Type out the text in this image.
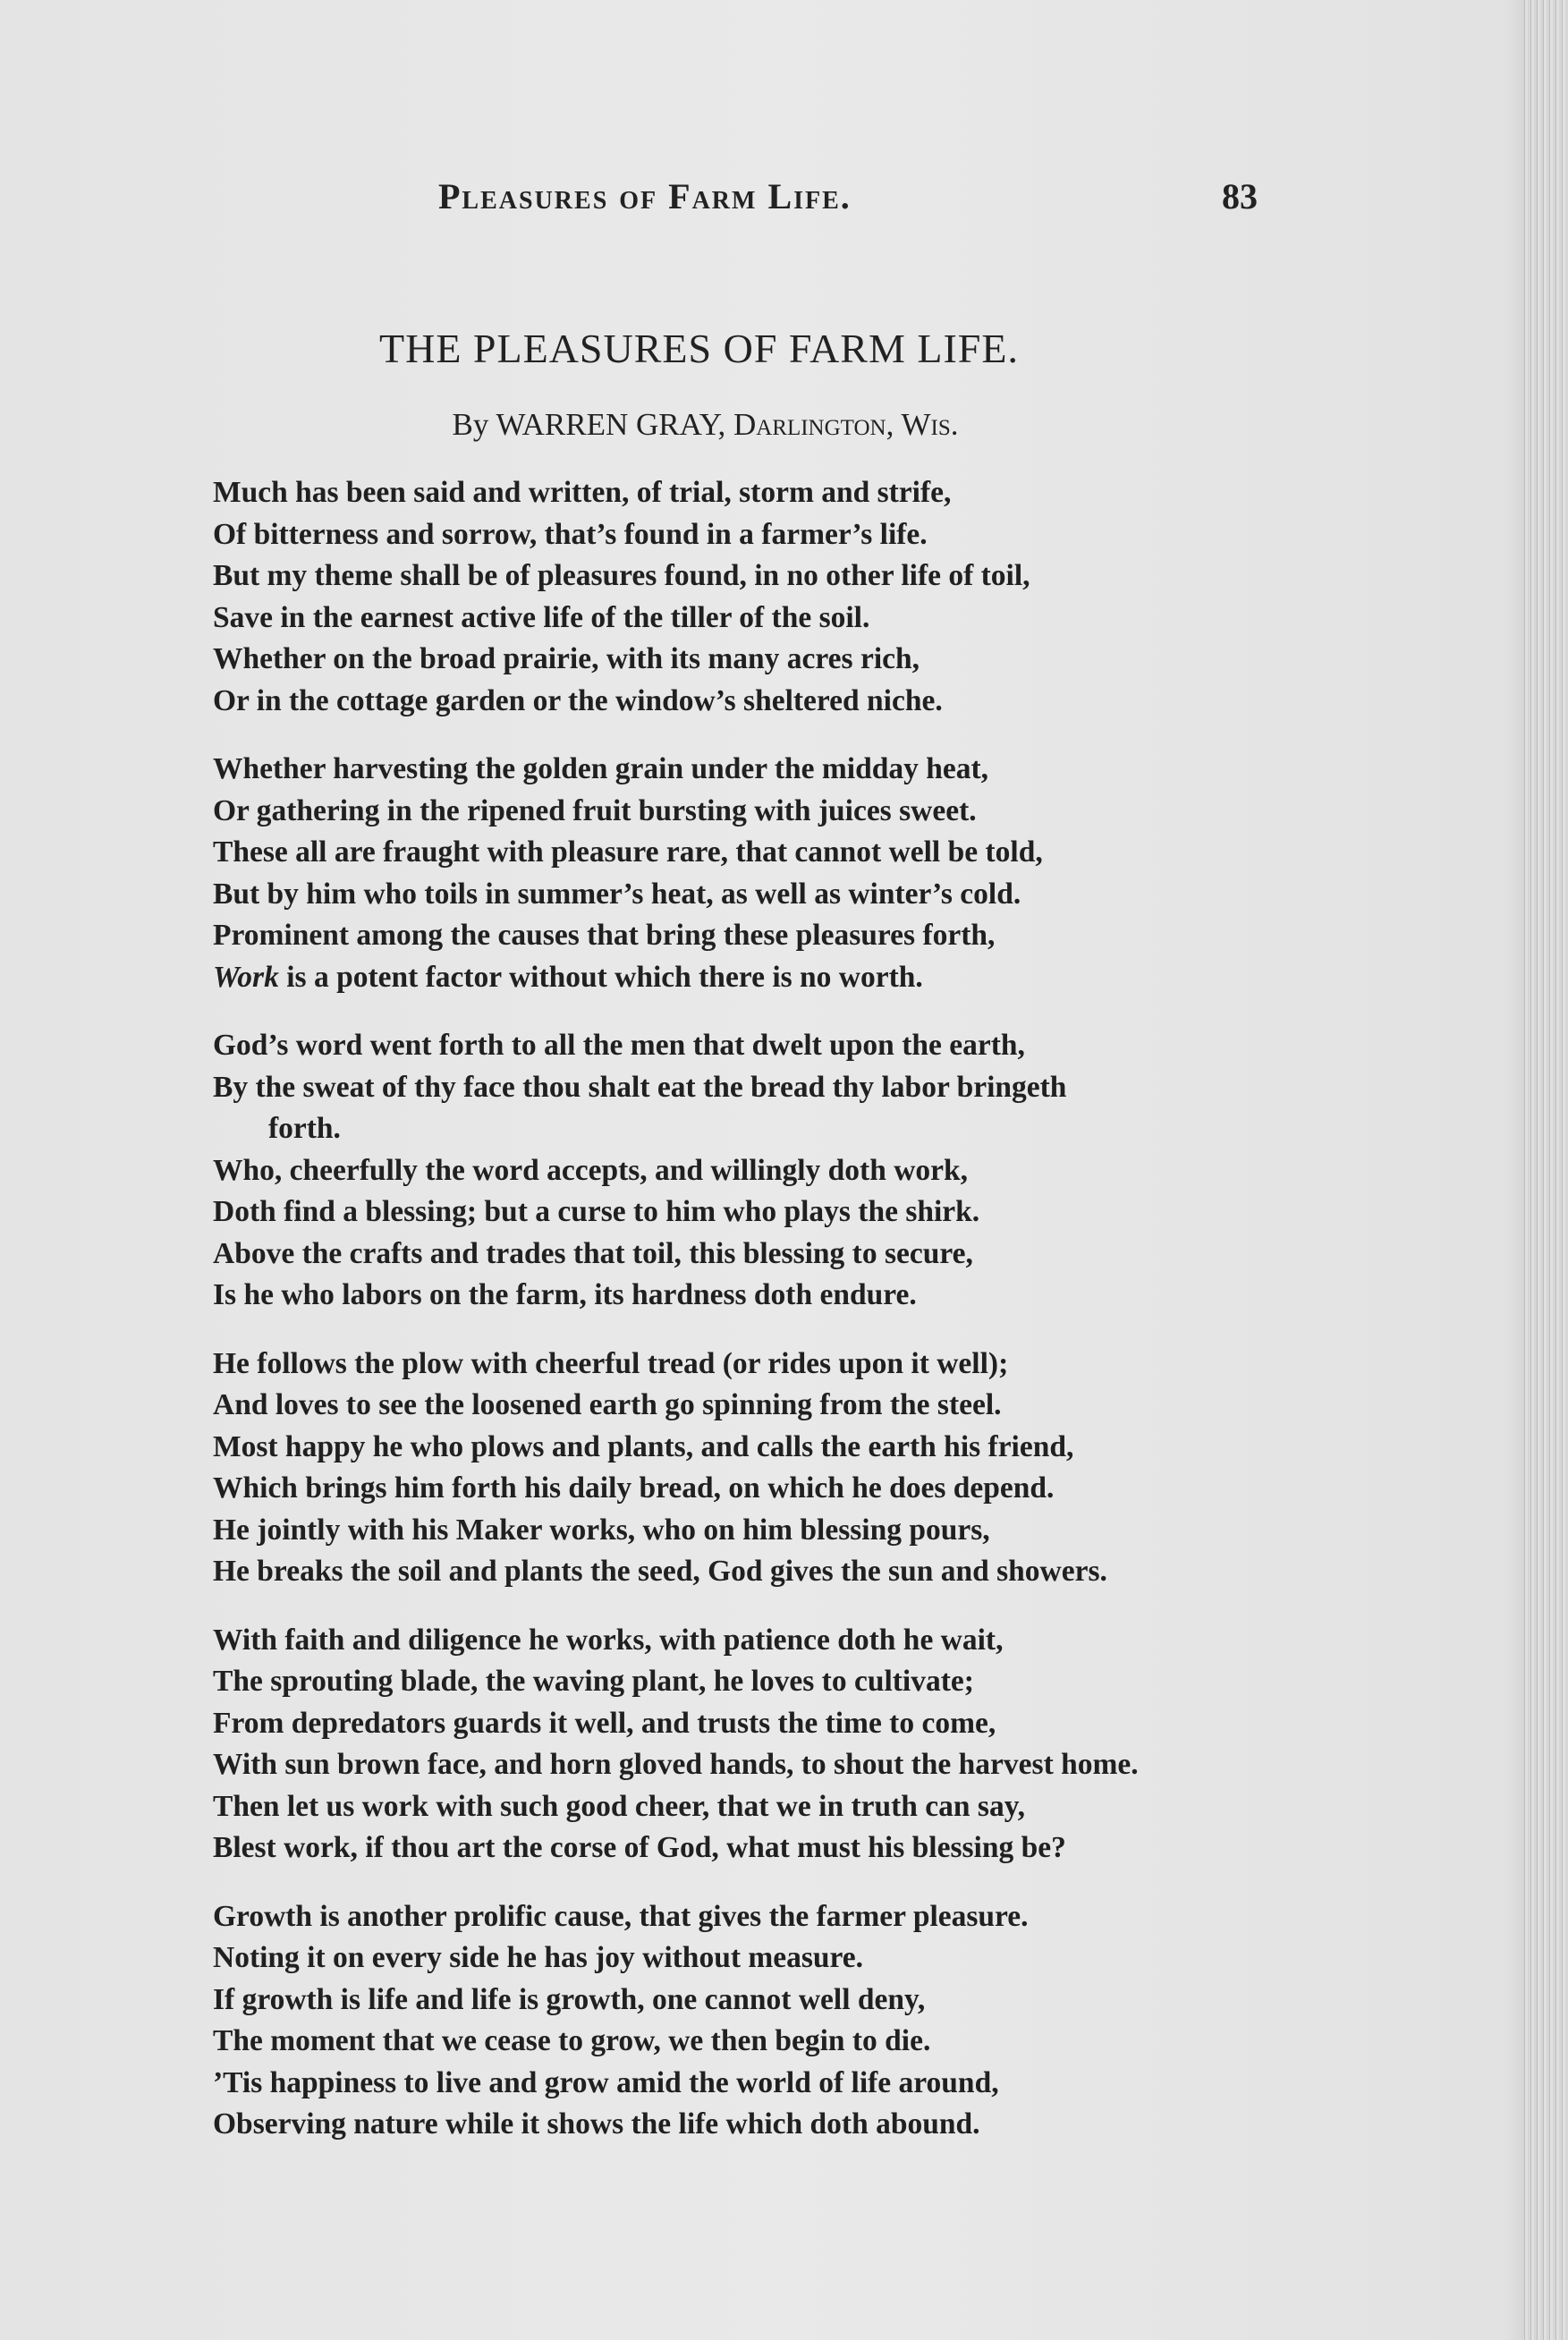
Pleasures of Farm Life.	83
THE PLEASURES OF FARM LIFE.
By WARREN GRAY, Darlington, Wis.
Much has been said and written, of trial, storm and strife,
Of bitterness and sorrow, that’s found in a farmer’s life.
But my theme shall be of pleasures found, in no other life of toil,
Save in the earnest active life of the tiller of the soil.
Whether on the broad prairie, with its many acres rich,
Or in the cottage garden or the window’s sheltered niche.
Whether harvesting the golden grain under the midday heat,
Or gathering in the ripened fruit bursting with juices sweet.
These all are fraught with pleasure rare, that cannot well be told,
But by him who toils in summer’s heat, as well as winter’s cold.
Prominent among the causes that bring these pleasures forth,
Work is a potent factor without which there is no worth.
God’s word went forth to all the men that dwelt upon the earth,
By the sweat of thy face thou shalt eat the bread thy labor bringeth
forth.
Who, cheerfully the word accepts, and willingly doth work,
Doth find a blessing; but a curse to him who plays the shirk.
Above the crafts and trades that toil, this blessing to secure,
Is he who labors on the farm, its hardness doth endure.
He follows the plow with cheerful tread (or rides upon it well);
And loves to see the loosened earth go spinning from the steel.
Most happy he who plows and plants, and calls the earth his friend,
Which brings him forth his daily bread, on which he does depend.
He jointly with his Maker works, who on him blessing pours,
He breaks the soil and plants the seed, God gives the sun and showers.
With faith and diligence he works, with patience doth he wait,
The sprouting blade, the waving plant, he loves to cultivate;
From depredators guards it well, and trusts the time to come,
With sun brown face, and horn gloved hands, to shout the harvest home.
Then let us work with such good cheer, that we in truth can say,
Blest work, if thou art the corse of God, what must his blessing be?
Growth is another prolific cause, that gives the farmer pleasure.
Noting it on every side he has joy without measure.
If growth is life and life is growth, one cannot well deny,
The moment that we cease to grow, we then begin to die.
’Tis happiness to live and grow amid the world of life around,
Observing nature while it shows the life which doth abound.
